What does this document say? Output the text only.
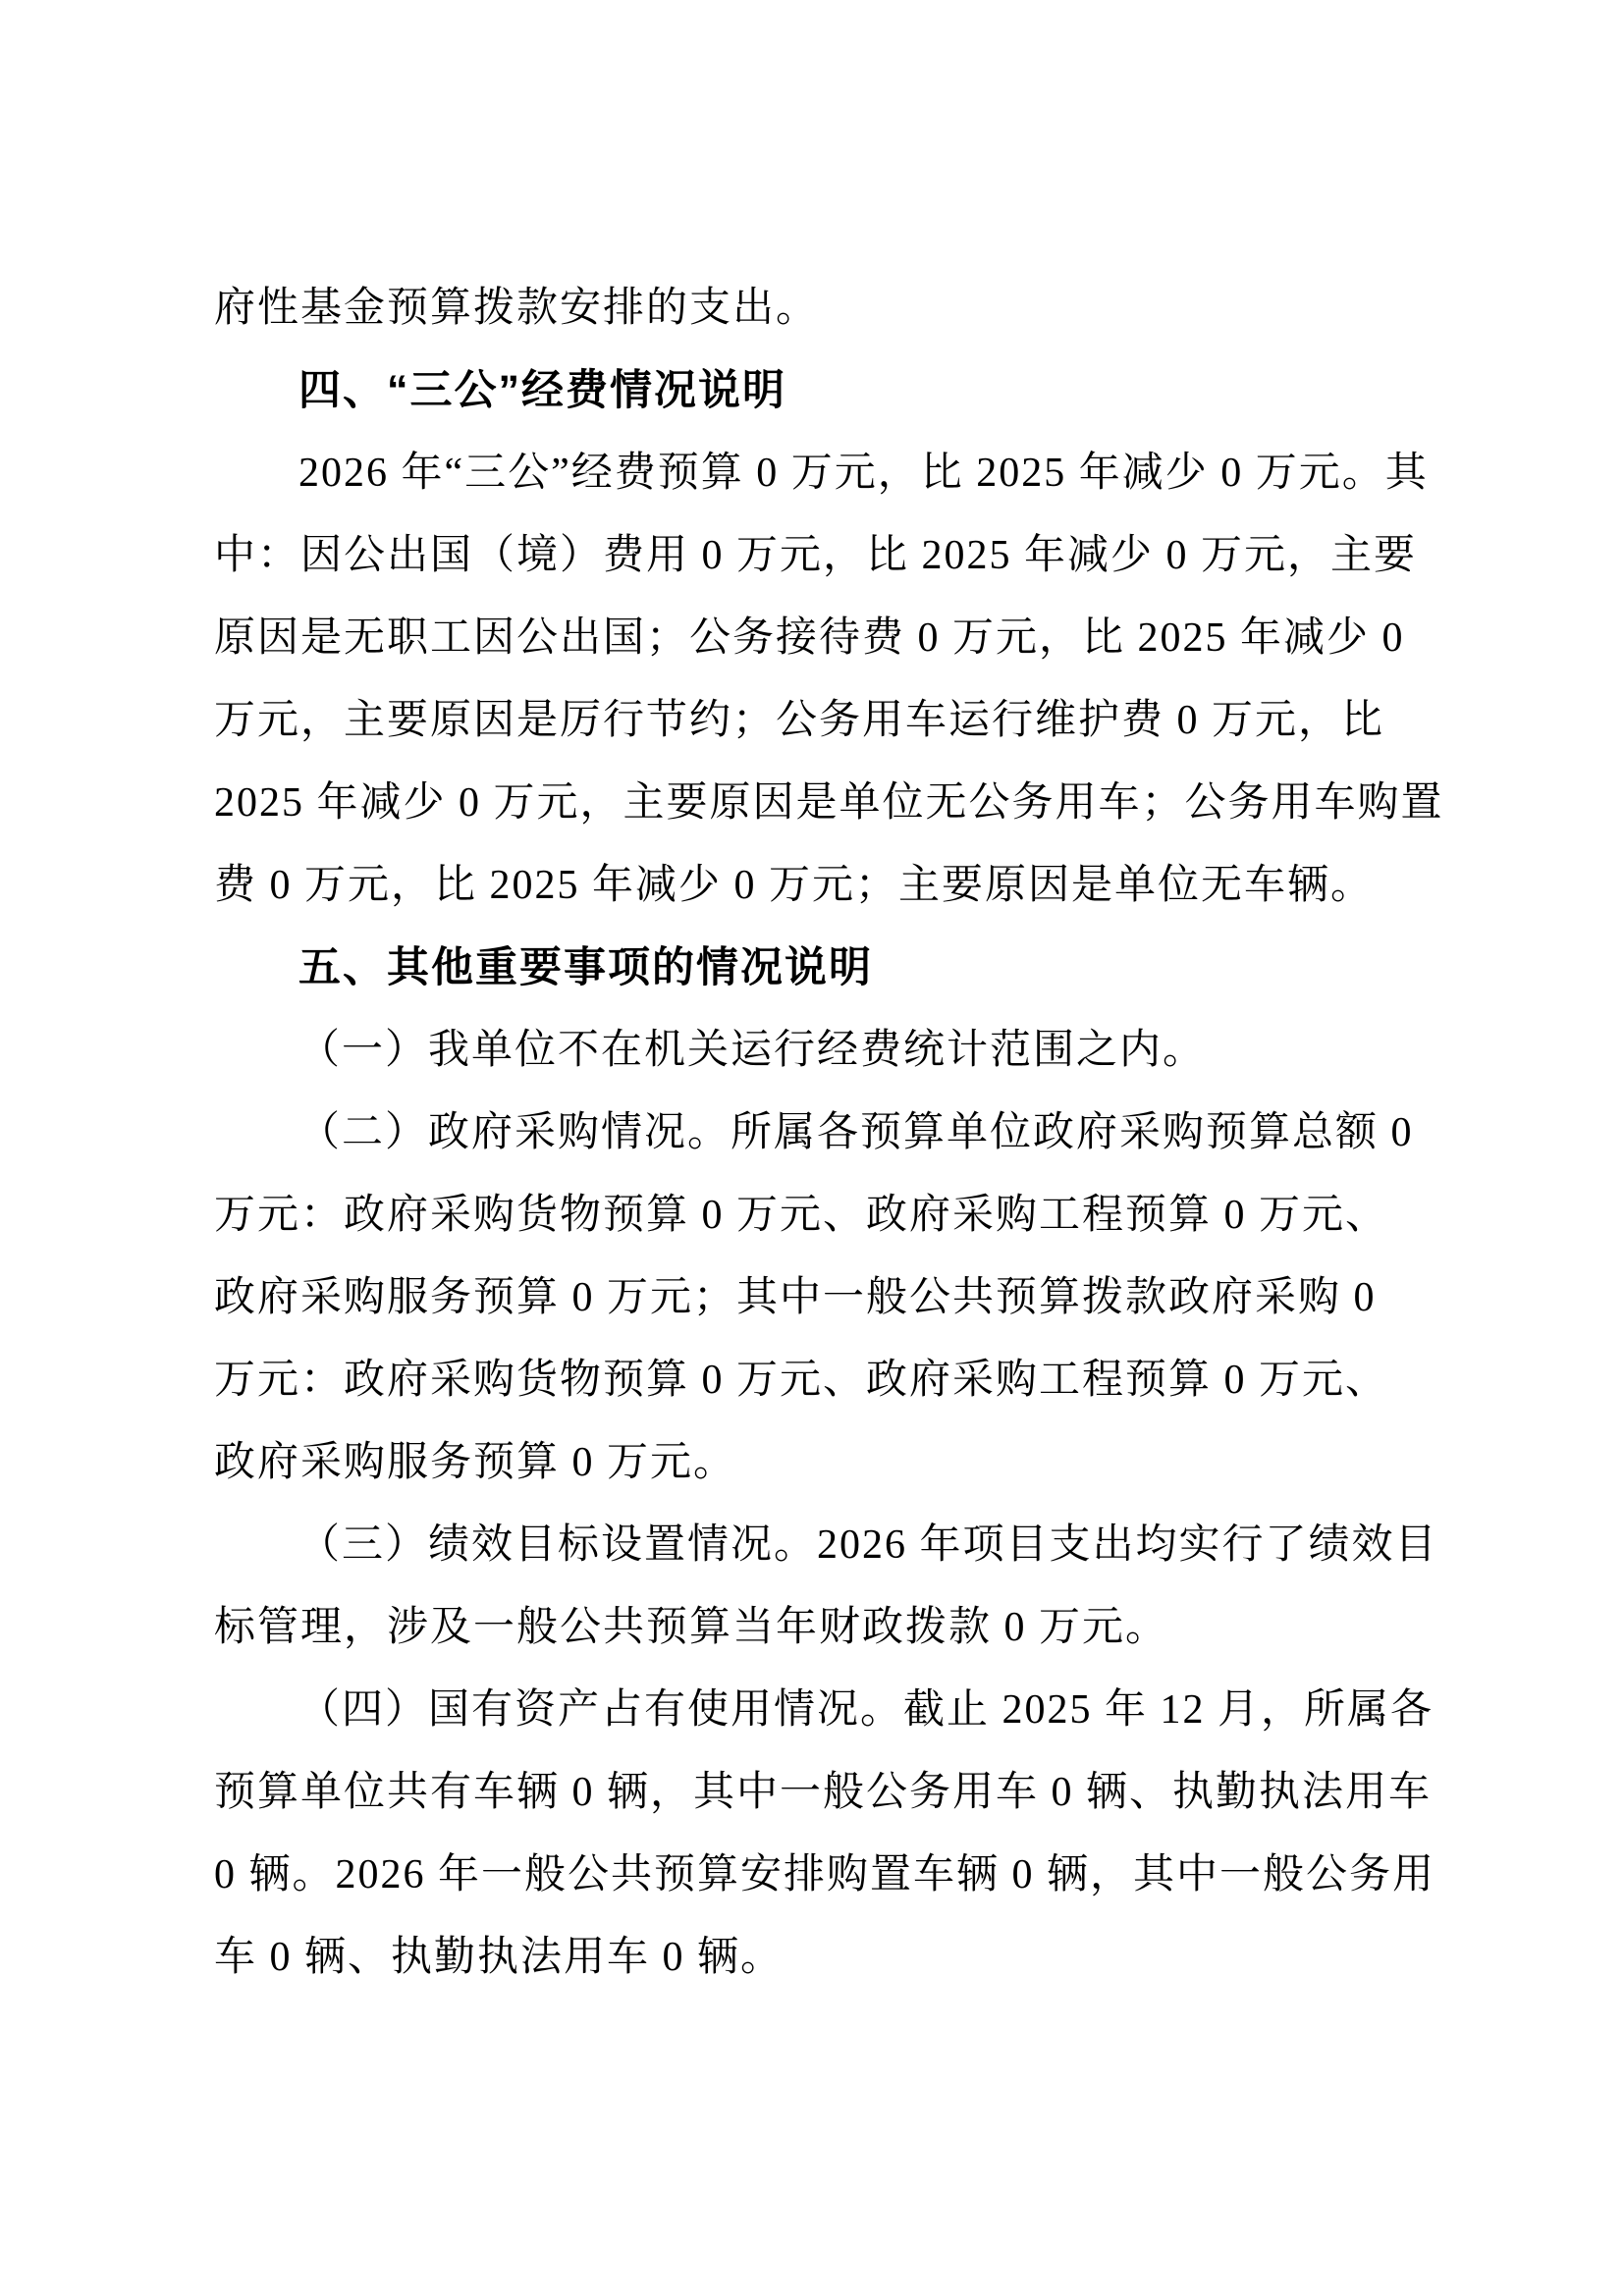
府性基金预算拨款安排的支出。
四、“三公”经费情况说明
2026 年“三公”经费预算 0 万元，比 2025 年减少 0 万元。其
中：因公出国（境）费用 0 万元，比 2025 年减少 0 万元，主要
原因是无职工因公出国；公务接待费 0 万元，比 2025 年减少 0
万元，主要原因是厉行节约；公务用车运行维护费 0 万元，比
2025 年减少 0 万元，主要原因是单位无公务用车；公务用车购置
费 0 万元，比 2025 年减少 0 万元；主要原因是单位无车辆。
五、其他重要事项的情况说明
（一）我单位不在机关运行经费统计范围之内。
（二）政府采购情况。所属各预算单位政府采购预算总额 0
万元：政府采购货物预算 0 万元、政府采购工程预算 0 万元、
政府采购服务预算 0 万元；其中一般公共预算拨款政府采购 0
万元：政府采购货物预算 0 万元、政府采购工程预算 0 万元、
政府采购服务预算 0 万元。
（三）绩效目标设置情况。2026 年项目支出均实行了绩效目
标管理，涉及一般公共预算当年财政拨款 0 万元。
（四）国有资产占有使用情况。截止 2025 年 12 月，所属各
预算单位共有车辆 0 辆，其中一般公务用车 0 辆、执勤执法用车
0 辆。2026 年一般公共预算安排购置车辆 0 辆，其中一般公务用
车 0 辆、执勤执法用车 0 辆。
